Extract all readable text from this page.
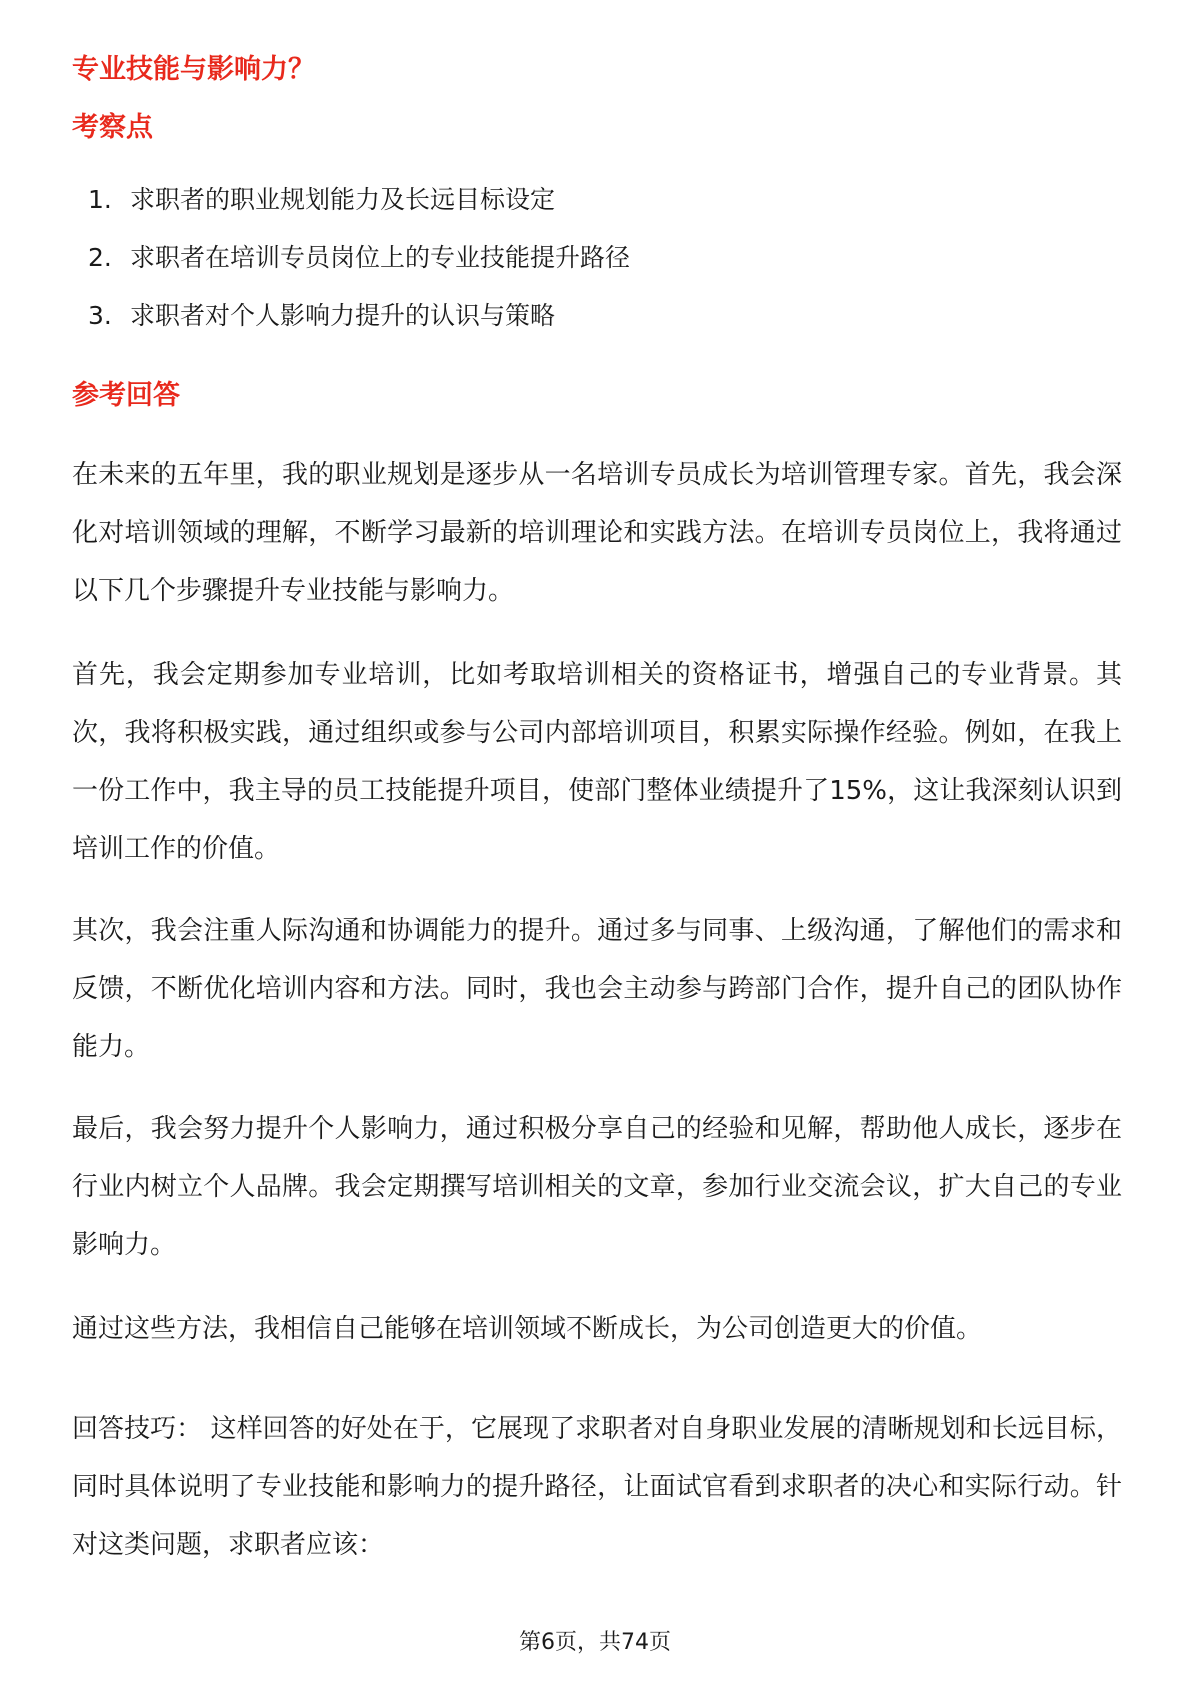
专业技能与影响力？
考察点
1. 求职者的职业规划能力及长远目标设定
2. 求职者在培训专员岗位上的专业技能提升路径
3. 求职者对个人影响力提升的认识与策略
参考回答

在未来的五年里，我的职业规划是逐步从一名培训专员成长为培训管理专家。首先，我会深化对培训领域的理解，不断学习最新的培训理论和实践方法。在培训专员岗位上，我将通过以下几个步骤提升专业技能与影响力。

首先，我会定期参加专业培训，比如考取培训相关的资格证书，增强自己的专业背景。其次，我将积极实践，通过组织或参与公司内部培训项目，积累实际操作经验。例如，在我上一份工作中，我主导的员工技能提升项目，使部门整体业绩提升了15%，这让我深刻认识到培训工作的价值。

其次，我会注重人际沟通和协调能力的提升。通过多与同事、上级沟通，了解他们的需求和反馈，不断优化培训内容和方法。同时，我也会主动参与跨部门合作，提升自己的团队协作能力。

最后，我会努力提升个人影响力，通过积极分享自己的经验和见解，帮助他人成长，逐步在行业内树立个人品牌。我会定期撰写培训相关的文章，参加行业交流会议，扩大自己的专业影响力。

通过这些方法，我相信自己能够在培训领域不断成长，为公司创造更大的价值。

回答技巧： 这样回答的好处在于，它展现了求职者对自身职业发展的清晰规划和长远目标，同时具体说明了专业技能和影响力的提升路径，让面试官看到求职者的决心和实际行动。针对这类问题，求职者应该：

第6页，共74页
